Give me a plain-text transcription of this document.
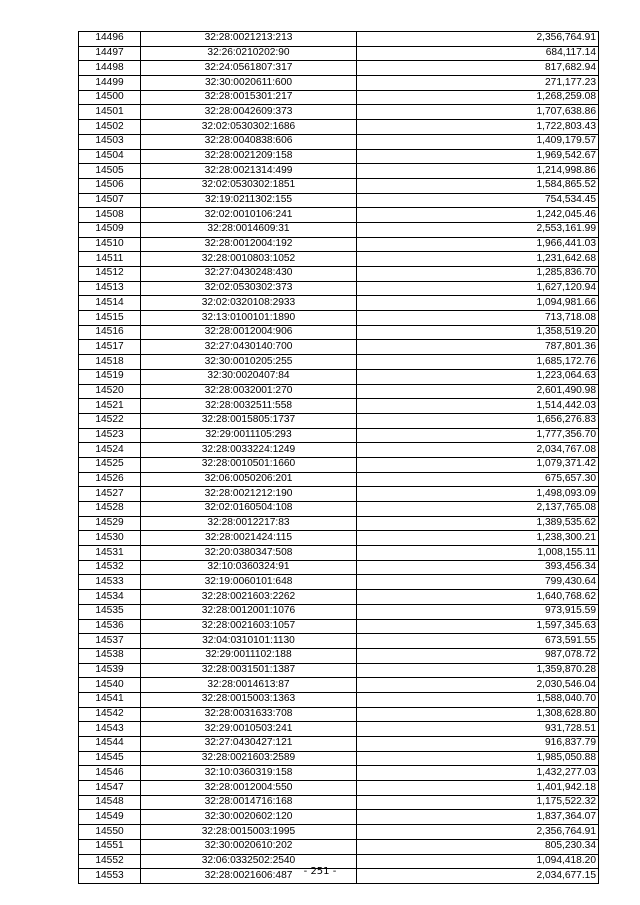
14496	32:28:0021213:213	2,356,764.91
14497	32:26:0210202:90	684,117.14
14498	32:24:0561807:317	817,682.94
14499	32:30:0020611:600	271,177.23
14500	32:28:0015301:217	1,268,259.08
14501	32:28:0042609:373	1,707,638.86
14502	32:02:0530302:1686	1,722,803.43
14503	32:28:0040838:606	1,409,179.57
14504	32:28:0021209:158	1,969,542.67
14505	32:28:0021314:499	1,214,998.86
14506	32:02:0530302:1851	1,584,865.52
14507	32:19:0211302:155	754,534.45
14508	32:02:0010106:241	1,242,045.46
14509	32:28:0014609:31	2,553,161.99
14510	32:28:0012004:192	1,966,441.03
14511	32:28:0010803:1052	1,231,642.68
14512	32:27:0430248:430	1,285,836.70
14513	32:02:0530302:373	1,627,120.94
14514	32:02:0320108:2933	1,094,981.66
14515	32:13:0100101:1890	713,718.08
14516	32:28:0012004:906	1,358,519.20
14517	32:27:0430140:700	787,801.36
14518	32:30:0010205:255	1,685,172.76
14519	32:30:0020407:84	1,223,064.63
14520	32:28:0032001:270	2,601,490.98
14521	32:28:0032511:558	1,514,442.03
14522	32:28:0015805:1737	1,656,276.83
14523	32:29:0011105:293	1,777,356.70
14524	32:28:0033224:1249	2,034,767.08
14525	32:28:0010501:1660	1,079,371.42
14526	32:06:0050206:201	675,657.30
14527	32:28:0021212:190	1,498,093.09
14528	32:02:0160504:108	2,137,765.08
14529	32:28:0012217:83	1,389,535.62
14530	32:28:0021424:115	1,238,300.21
14531	32:20:0380347:508	1,008,155.11
14532	32:10:0360324:91	393,456.34
14533	32:19:0060101:648	799,430.64
14534	32:28:0021603:2262	1,640,768.62
14535	32:28:0012001:1076	973,915.59
14536	32:28:0021603:1057	1,597,345.63
14537	32:04:0310101:1130	673,591.55
14538	32:29:0011102:188	987,078.72
14539	32:28:0031501:1387	1,359,870.28
14540	32:28:0014613:87	2,030,546.04
14541	32:28:0015003:1363	1,588,040.70
14542	32:28:0031633:708	1,308,628.80
14543	32:29:0010503:241	931,728.51
14544	32:27:0430427:121	916,837.79
14545	32:28:0021603:2589	1,985,050.88
14546	32:10:0360319:158	1,432,277.03
14547	32:28:0012004:550	1,401,942.18
14548	32:28:0014716:168	1,175,522.32
14549	32:30:0020602:120	1,837,364.07
14550	32:28:0015003:1995	2,356,764.91
14551	32:30:0020610:202	805,230.34
14552	32:06:0332502:2540	1,094,418.20
14553	32:28:0021606:487	2,034,677.15
- 251 -
